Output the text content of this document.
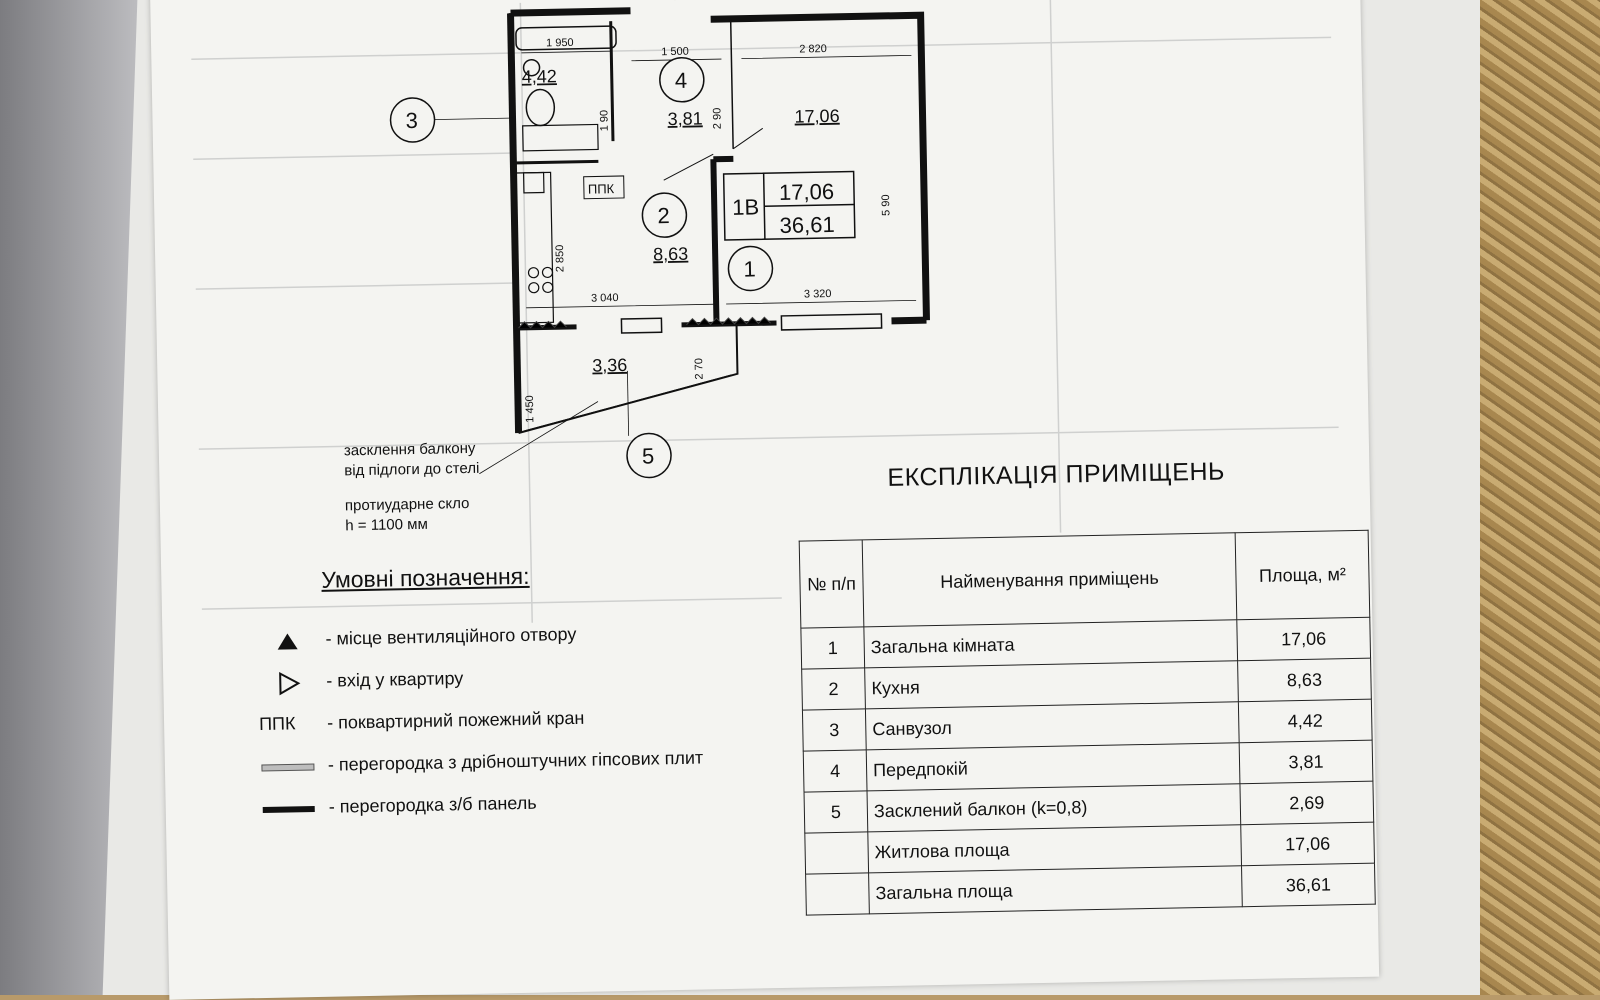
4
2
1
3
5
17,06
8,63
4,42
3,81
3,36
1В
17,06
36,61
ППК
1 950
1 500	2 820
1 90	2 90
5 90
2 850
3 040	3 320
1 450
2 70
засклення балкону
від підлоги до стелі
протиударне скло
h = 1100 мм
Умовні позначення:
- місце вентиляційного отвору
- вхід у квартиру
ППК	- поквартирний пожежний кран
- перегородка з дрібноштучних гіпсових плит
- перегородка з/б панель
ЕКСПЛІКАЦІЯ ПРИМІЩЕНЬ
№ п/п	Найменування приміщень	Площа, м²
1	Загальна кімната	17,06
2	Кухня	8,63
3	Санвузол	4,42
4	Передпокій	3,81
5	Засклений балкон (k=0,8)	2,69
	Житлова площа	17,06
	Загальна площа	36,61
